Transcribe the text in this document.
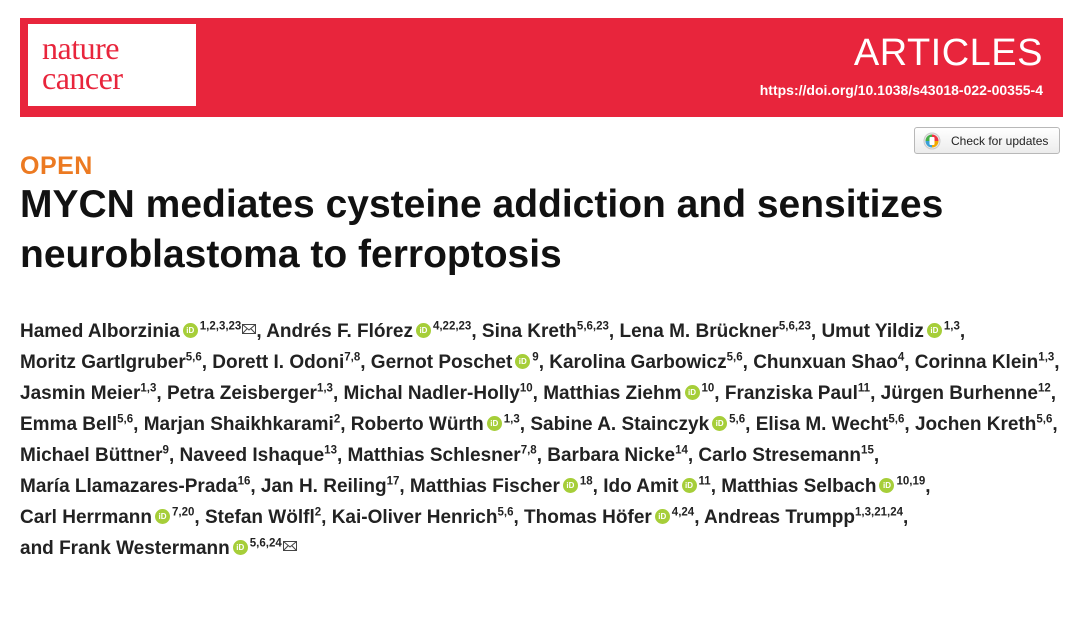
nature
cancer
ARTICLES
https://doi.org/10.1038/s43018-022-00355-4
Check for updates
OPEN
MYCN mediates cysteine addiction and sensitizes neuroblastoma to ferroptosis
Hamed Alborzinia iD $^{1,2,3,23}$ , Andrés F. Flórez iD $^{4,22,23}$, Sina Kreth$^{5,6,23}$, Lena M. Brückner$^{5,6,23}$, Umut Yildiz iD $^{1,3}$, Moritz Gartlgruber$^{5,6}$, Dorett I. Odoni$^{7,8}$, Gernot Poschet iD $^9$, Karolina Garbowicz$^{5,6}$, Chunxuan Shao$^4$, Corinna Klein$^{1,3}$, Jasmin Meier$^{1,3}$, Petra Zeisberger$^{1,3}$, Michal Nadler-Holly$^{10}$, Matthias Ziehm iD $^{10}$, Franziska Paul$^{11}$, Jürgen Burhenne$^{12}$, Emma Bell$^{5,6}$, Marjan Shaikhkarami$^2$, Roberto Würth iD $^{1,3}$, Sabine A. Stainczyk iD $^{5,6}$, Elisa M. Wecht$^{5,6}$, Jochen Kreth$^{5,6}$, Michael Büttner$^9$, Naveed Ishaque$^{13}$, Matthias Schlesner$^{7,8}$, Barbara Nicke$^{14}$, Carlo Stresemann$^{15}$, María Llamazares-Prada$^{16}$, Jan H. Reiling$^{17}$, Matthias Fischer iD $^{18}$, Ido Amit iD $^{11}$, Matthias Selbach iD $^{10,19}$, Carl Herrmann iD $^{7,20}$, Stefan Wölfl$^2$, Kai-Oliver Henrich$^{5,6}$, Thomas Höfer iD $^{4,24}$, Andreas Trumpp$^{1,3,21,24}$, and Frank Westermann iD $^{5,6,24}$
